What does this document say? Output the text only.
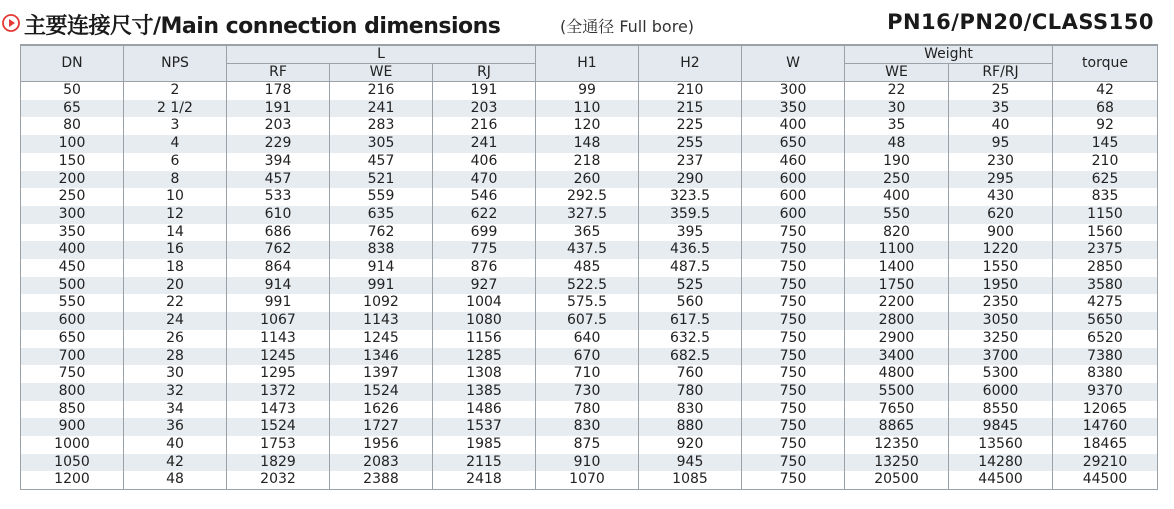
主要连接尺寸/Main connection dimensions	(全通径 Full bore)	PN16/PN20/CLASS150
DN	NPS	L			H1	H2	W	Weight		torque
		RF	WE	RJ				WE	RF/RJ	
50	2	178	216	191	99	210	300	22	25	42
65	2 1/2	191	241	203	110	215	350	30	35	68
80	3	203	283	216	120	225	400	35	40	92
100	4	229	305	241	148	255	650	48	95	145
150	6	394	457	406	218	237	460	190	230	210
200	8	457	521	470	260	290	600	250	295	625
250	10	533	559	546	292.5	323.5	600	400	430	835
300	12	610	635	622	327.5	359.5	600	550	620	1150
350	14	686	762	699	365	395	750	820	900	1560
400	16	762	838	775	437.5	436.5	750	1100	1220	2375
450	18	864	914	876	485	487.5	750	1400	1550	2850
500	20	914	991	927	522.5	525	750	1750	1950	3580
550	22	991	1092	1004	575.5	560	750	2200	2350	4275
600	24	1067	1143	1080	607.5	617.5	750	2800	3050	5650
650	26	1143	1245	1156	640	632.5	750	2900	3250	6520
700	28	1245	1346	1285	670	682.5	750	3400	3700	7380
750	30	1295	1397	1308	710	760	750	4800	5300	8380
800	32	1372	1524	1385	730	780	750	5500	6000	9370
850	34	1473	1626	1486	780	830	750	7650	8550	12065
900	36	1524	1727	1537	830	880	750	8865	9845	14760
1000	40	1753	1956	1985	875	920	750	12350	13560	18465
1050	42	1829	2083	2115	910	945	750	13250	14280	29210
1200	48	2032	2388	2418	1070	1085	750	20500	44500	44500
